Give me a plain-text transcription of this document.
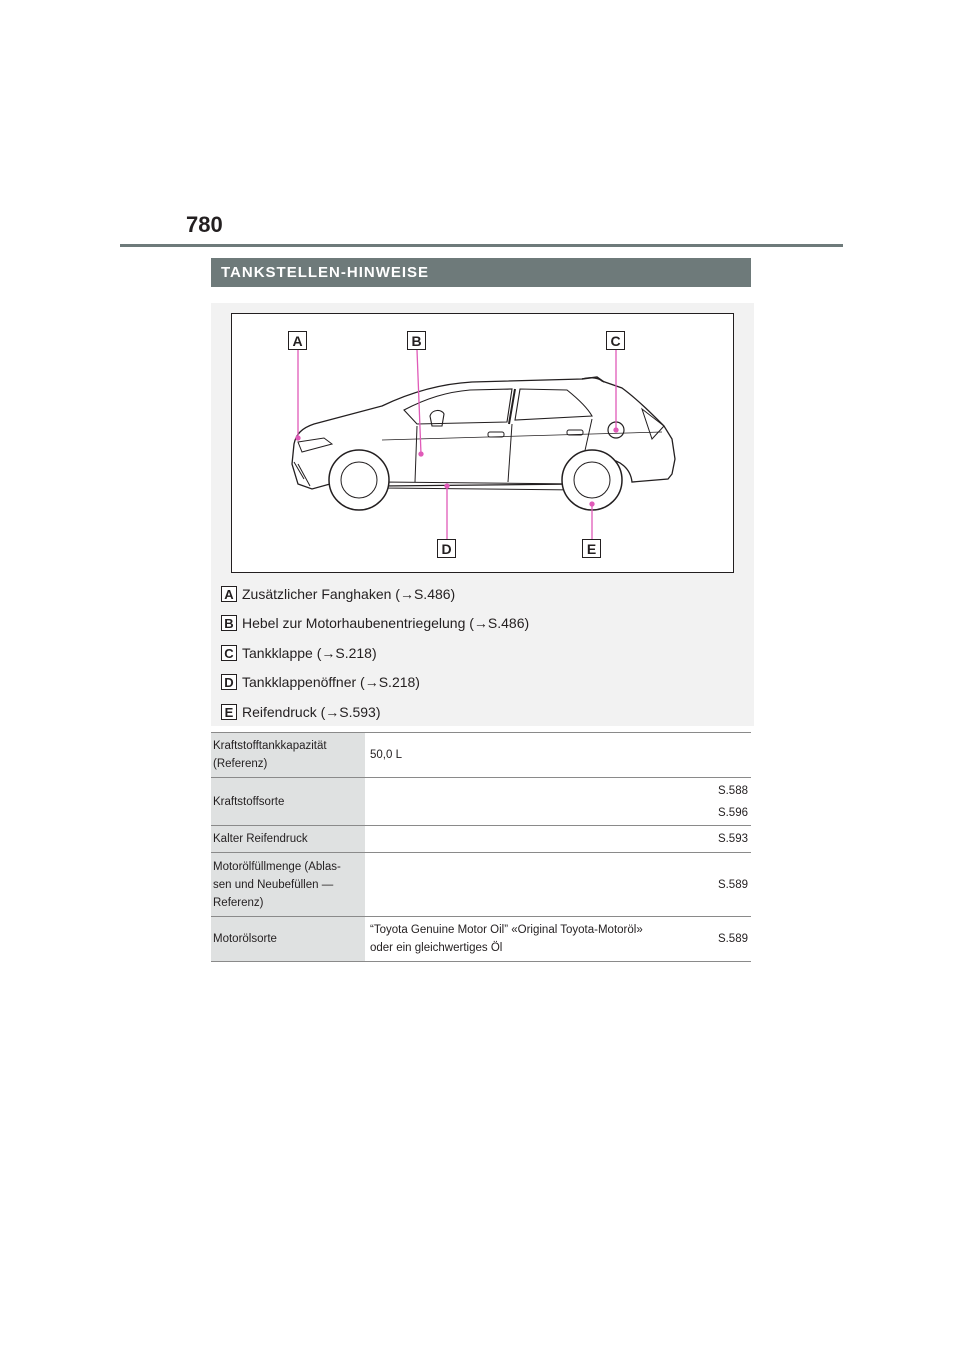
780
TANKSTELLEN-HINWEISE
A	B	C
D	E
A Zusätzlicher Fanghaken (→S.486)
B Hebel zur Motorhaubenentriegelung (→S.486)
C Tankklappe (→S.218)
D Tankklappenöffner (→S.218)
E Reifendruck (→S.593)
Kraftstofftankkapazität
(Referenz)	50,0 L	
Kraftstoffsorte		S.588
S.596

Kalter Reifendruck		S.593

Motorölfüllmenge (Ablas-
sen und Neubefüllen —
Referenz)		S.589
Motorölsorte	“Toyota Genuine Motor Oil” «Original Toyota-Motoröl»
oder ein gleichwertiges Öl	S.589
